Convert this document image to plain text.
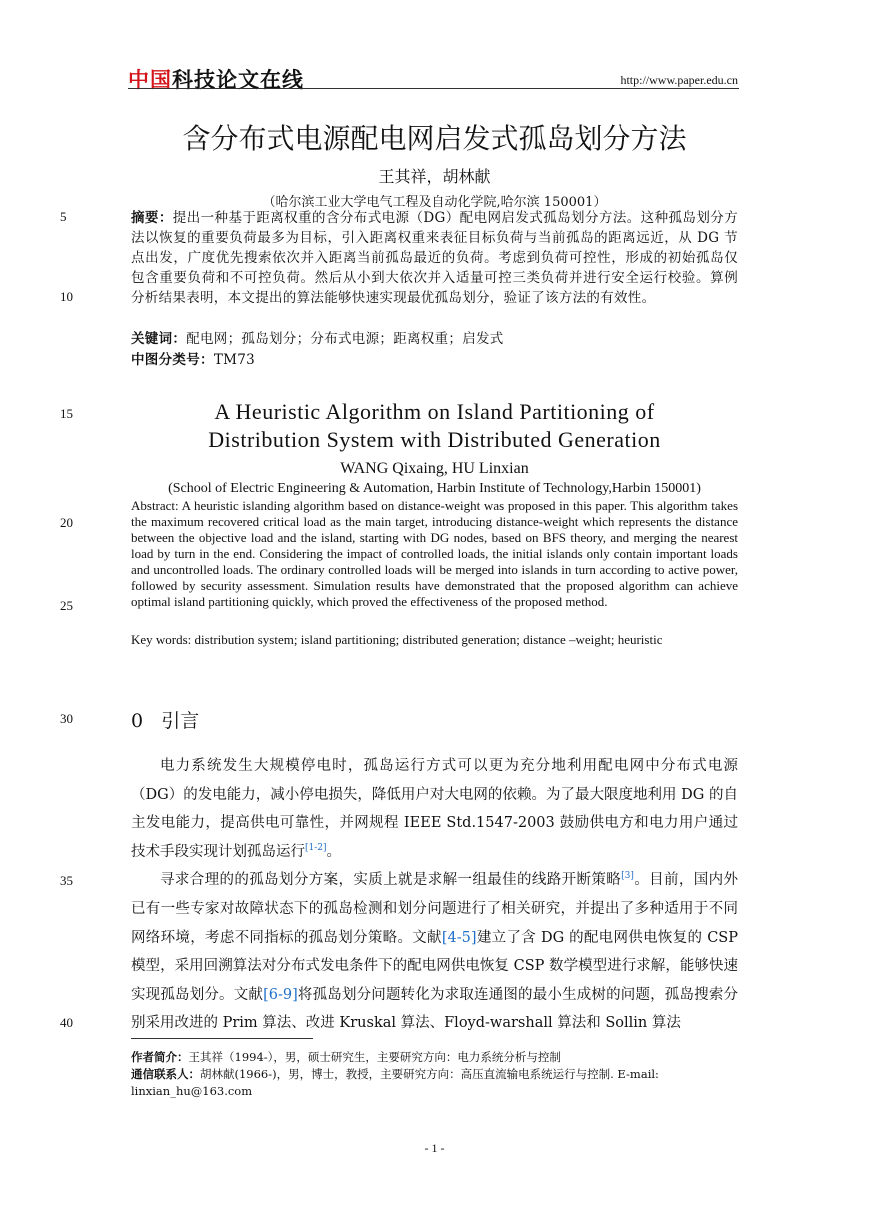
中国科技论文在线	http://www.paper.edu.cn
含分布式电源配电网启发式孤岛划分方法
王其祥，胡林献
（哈尔滨工业大学电气工程及自动化学院,哈尔滨 150001）
5
10
15
20
25
30
35
40
摘要：提出一种基于距离权重的含分布式电源（DG）配电网启发式孤岛划分方法。这种孤岛划分方法以恢复的重要负荷最多为目标，引入距离权重来表征目标负荷与当前孤岛的距离远近，从 DG 节点出发，广度优先搜索依次并入距离当前孤岛最近的负荷。考虑到负荷可控性，形成的初始孤岛仅包含重要负荷和不可控负荷。然后从小到大依次并入适量可控三类负荷并进行安全运行校验。算例分析结果表明，本文提出的算法能够快速实现最优孤岛划分，验证了该方法的有效性。
关键词：配电网；孤岛划分；分布式电源；距离权重；启发式
中图分类号：TM73
A Heuristic Algorithm on Island Partitioning of
Distribution System with Distributed Generation
WANG Qixaing, HU Linxian
(School of Electric Engineering & Automation, Harbin Institute of Technology,Harbin 150001)
Abstract: A heuristic islanding algorithm based on distance-weight was proposed in this paper. This algorithm takes the maximum recovered critical load as the main target, introducing distance-weight which represents the distance between the objective load and the island, starting with DG nodes, based on BFS theory, and merging the nearest load by turn in the end. Considering the impact of controlled loads, the initial islands only contain important loads and uncontrolled loads. The ordinary controlled loads will be merged into islands in turn according to active power, followed by security assessment. Simulation results have demonstrated that the proposed algorithm can achieve optimal island partitioning quickly, which proved the effectiveness of the proposed method.
Key words: distribution system; island partitioning; distributed generation; distance –weight; heuristic
0 引言

电力系统发生大规模停电时，孤岛运行方式可以更为充分地利用配电网中分布式电源（DG）的发电能力，减小停电损失，降低用户对大电网的依赖。为了最大限度地利用 DG 的自主发电能力，提高供电可靠性，并网规程 IEEE Std.1547-2003 鼓励供电方和电力用户通过技术手段实现计划孤岛运行[1-2]。

寻求合理的的孤岛划分方案，实质上就是求解一组最佳的线路开断策略[3]。目前，国内外已有一些专家对故障状态下的孤岛检测和划分问题进行了相关研究，并提出了多种适用于不同网络环境，考虑不同指标的孤岛划分策略。文献[4-5]建立了含 DG 的配电网供电恢复的 CSP 模型，采用回溯算法对分布式发电条件下的配电网供电恢复 CSP 数学模型进行求解，能够快速实现孤岛划分。文献[6-9]将孤岛划分问题转化为求取连通图的最小生成树的问题，孤岛搜索分别采用改进的 Prim 算法、改进 Kruskal 算法、Floyd-warshall 算法和 Sollin 算法

作者简介：王其祥（1994-），男，硕士研究生，主要研究方向：电力系统分析与控制
通信联系人：胡林献(1966-)，男，博士，教授，主要研究方向：高压直流输电系统运行与控制. E-mail: linxian_hu@163.com
- 1 -
